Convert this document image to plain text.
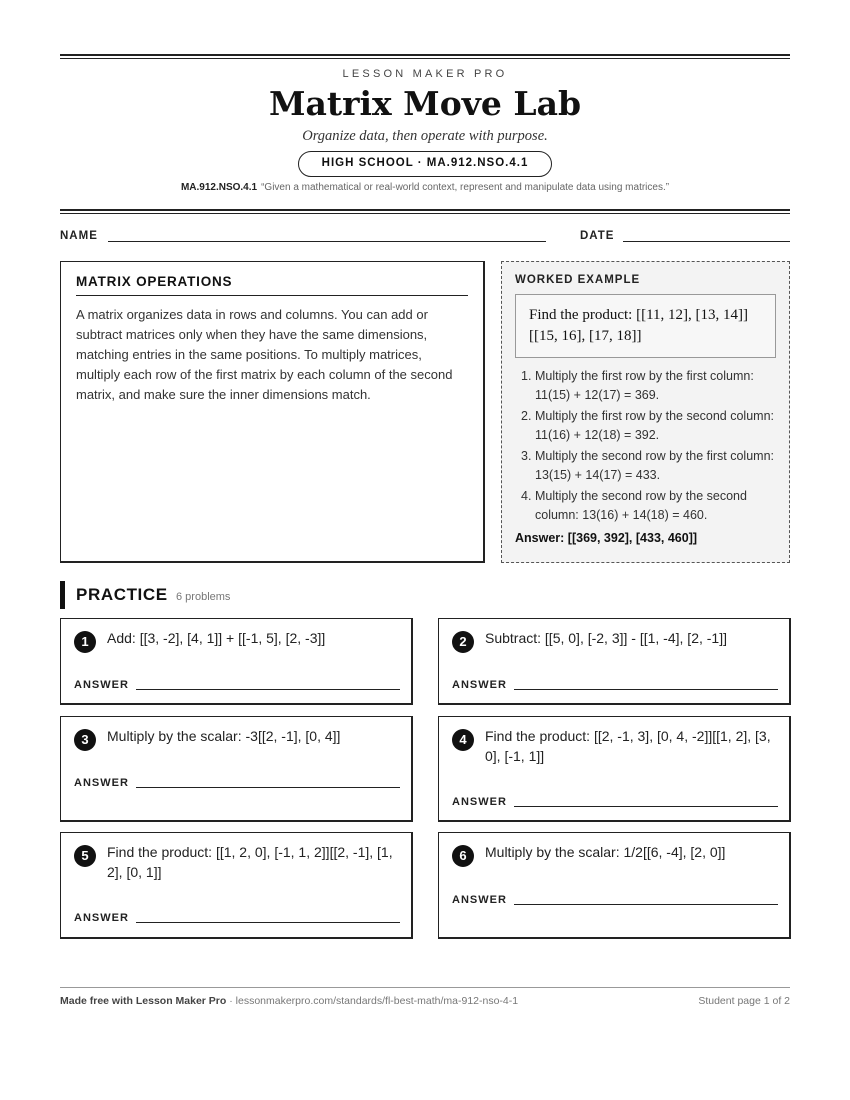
LESSON MAKER PRO
Matrix Move Lab
Organize data, then operate with purpose.
HIGH SCHOOL · MA.912.NSO.4.1
MA.912.NSO.4.1 “Given a mathematical or real-world context, represent and manipulate data using matrices.”
NAME	DATE
MATRIX OPERATIONS
A matrix organizes data in rows and columns. You can add or subtract matrices only when they have the same dimensions, matching entries in the same positions. To multiply matrices, multiply each row of the first matrix by each column of the second matrix, and make sure the inner dimensions match.
WORKED EXAMPLE
Find the product: [[11, 12], [13, 14]][[15, 16], [17, 18]]
1. Multiply the first row by the first column: 11(15) + 12(17) = 369.
2. Multiply the first row by the second column: 11(16) + 12(18) = 392.
3. Multiply the second row by the first column: 13(15) + 14(17) = 433.
4. Multiply the second row by the second column: 13(16) + 14(18) = 460.
Answer: [[369, 392], [433, 460]]
PRACTICE 6 problems
1	Add: [[3, -2], [4, 1]] + [[-1, 5], [2, -3]]
ANSWER
2	Subtract: [[5, 0], [-2, 3]] - [[1, -4], [2, -1]]
ANSWER
3	Multiply by the scalar: -3[[2, -1], [0, 4]]
ANSWER
4	Find the product: [[2, -1, 3], [0, 4, -2]][[1, 2], [3, 0], [-1, 1]]
ANSWER
5	Find the product: [[1, 2, 0], [-1, 1, 2]][[2, -1], [1, 2], [0, 1]]
ANSWER
6	Multiply by the scalar: 1/2[[6, -4], [2, 0]]
ANSWER
Made free with Lesson Maker Pro · lessonmakerpro.com/standards/fl-best-math/ma-912-nso-4-1	Student page 1 of 2
